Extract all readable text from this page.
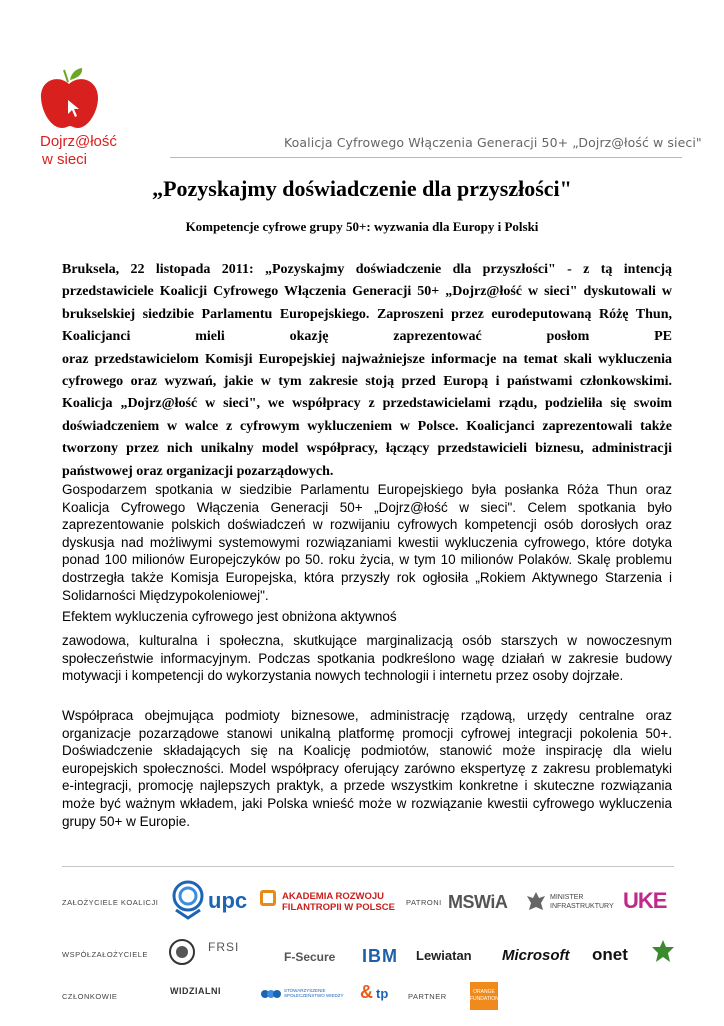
Dojrz@łość
w sieci
Koalicja Cyfrowego Włączenia Generacji 50+ „Dojrz@łość w sieci"
„Pozyskajmy doświadczenie dla przyszłości"
Kompetencje cyfrowe grupy 50+: wyzwania dla Europy i Polski

Bruksela, 22 listopada 2011: „Pozyskajmy doświadczenie dla przyszłości" - z tą intencją
przedstawiciele Koalicji Cyfrowego Włączenia Generacji 50+ „Dojrz@łość w sieci" dyskutowali w
brukselskiej siedzibie Parlamentu Europejskiego. Zaproszeni przez eurodeputowaną Różę Thun,
Koalicjanci mieli okazję zaprezentować posłom PE
oraz przedstawicielom Komisji Europejskiej najważniejsze informacje na temat skali wykluczenia cyfrowego oraz wyzwań, jakie w tym zakresie stoją przed Europą i państwami członkowskimi. Koalicja „Dojrz@łość w sieci", we współpracy z przedstawicielami rządu, podzieliła się swoim doświadczeniem w walce z cyfrowym wykluczeniem w Polsce. Koalicjanci zaprezentowali także tworzony przez nich unikalny model współpracy, łączący przedstawicieli biznesu, administracji państwowej oraz organizacji pozarządowych.

Gospodarzem spotkania w siedzibie Parlamentu Europejskiego była posłanka Róża Thun oraz Koalicja Cyfrowego Włączenia Generacji 50+ „Dojrz@łość w sieci". Celem spotkania było zaprezentowanie polskich doświadczeń w rozwijaniu cyfrowych kompetencji osób dorosłych oraz dyskusja nad możliwymi systemowymi rozwiązaniami kwestii wykluczenia cyfrowego, które dotyka ponad 100 milionów Europejczyków po 50. roku życia, w tym 10 milionów Polaków. Skalę problemu dostrzegła także Komisja Europejska, która przyszły rok ogłosiła „Rokiem Aktywnego Starzenia i Solidarności Międzypokoleniowej".

Efektem wykluczenia cyfrowego jest obniżona aktywnoś

zawodowa, kulturalna i społeczna, skutkujące marginalizacją osób starszych w nowoczesnym społeczeństwie informacyjnym. Podczas spotkania podkreślono wagę działań w zakresie budowy motywacji i kompetencji do wykorzystania nowych technologii i internetu przez osoby dojrzałe.

Współpraca obejmująca podmioty biznesowe, administrację rządową, urzędy centralne oraz organizacje pozarządowe stanowi unikalną platformę promocji cyfrowej integracji pokolenia 50+. Doświadczenie składających się na Koalicję podmiotów, stanowić może inspirację dla wielu europejskich społeczności. Model współpracy oferujący zarówno ekspertyzę z zakresu problematyki e-integracji, promocję najlepszych praktyk, a przede wszystkim konkretne i skuteczne rozwiązania może być ważnym wkładem, jaki Polska wnieść może w rozwiązanie kwestii cyfrowego wykluczenia grupy 50+ w Europie.

ZAŁOŻYCIELE KOALICJI upc	AKADEMIA ROZWOJU
FILANTROPII W POLSCE PATRONI MSWiA	MINISTER
INFRASTRUKTURY UKE
WSPÓŁZAŁOŻYCIELE
FRSI
F-Secure IBM Lewiatan Microsoft onet
CZŁONKOWIE
WIDZIALNI	STOWARZYSZENIE SPOŁECZEŃSTWO WIEDZY & tp	PARTNER	ORANGE
FUNDATION
